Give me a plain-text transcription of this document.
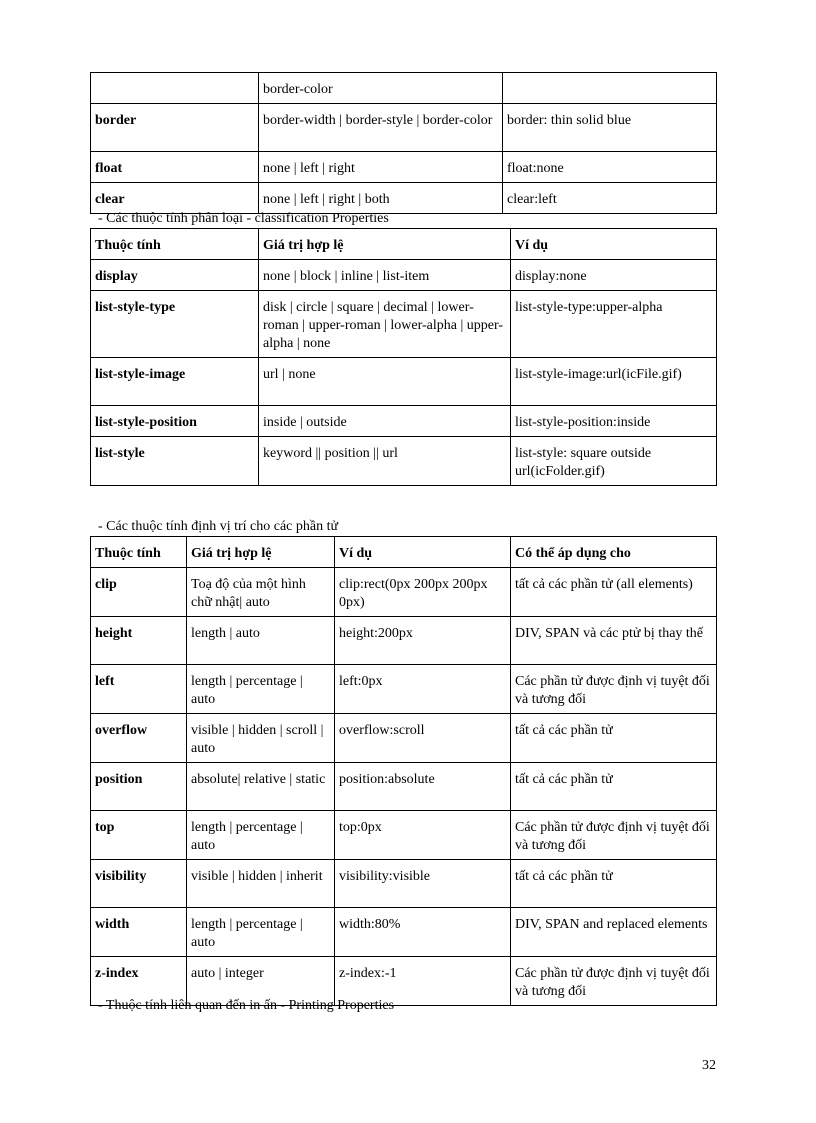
	border-color	
border	border-width | border-style | border-color	border: thin solid blue
float	none | left | right	float:none
clear	none | left | right | both	clear:left
- Các thuộc tính phân loại - classification Properties
Thuộc tính	Giá trị hợp lệ	Ví dụ
display	none | block | inline | list-item	display:none
list-style-type	disk | circle | square | decimal | lower-roman | upper-roman | lower-alpha | upper-alpha | none	list-style-type:upper-alpha
list-style-image	url | none	list-style-image:url(icFile.gif)
list-style-position	inside | outside	list-style-position:inside
list-style	keyword || position || url	list-style: square outside url(icFolder.gif)
- Các thuộc tính định vị trí cho các phần tử
Thuộc tính	Giá trị hợp lệ	Ví dụ	Có thể áp dụng cho
clip	Toạ độ của một hình chữ nhật| auto	clip:rect(0px 200px 200px 0px)	tất cả các phần tử (all elements)
height	length | auto	height:200px	DIV, SPAN và các ptử bị thay thế
left	length | percentage | auto	left:0px	Các phần tử được định vị tuyệt đối và tương đối
overflow	visible | hidden | scroll | auto	overflow:scroll	tất cả các phần tử
position	absolute| relative | static	position:absolute	tất cả các phần tử
top	length | percentage | auto	top:0px	Các phần tử được định vị tuyệt đối và tương đối
visibility	visible | hidden | inherit	visibility:visible	tất cả các phần tử
width	length | percentage | auto	width:80%	DIV, SPAN and replaced elements
z-index	auto | integer	z-index:-1	Các phần tử được định vị tuyệt đối và tương đối
- Thuộc tính liên quan đến in ấn - Printing Properties
32
